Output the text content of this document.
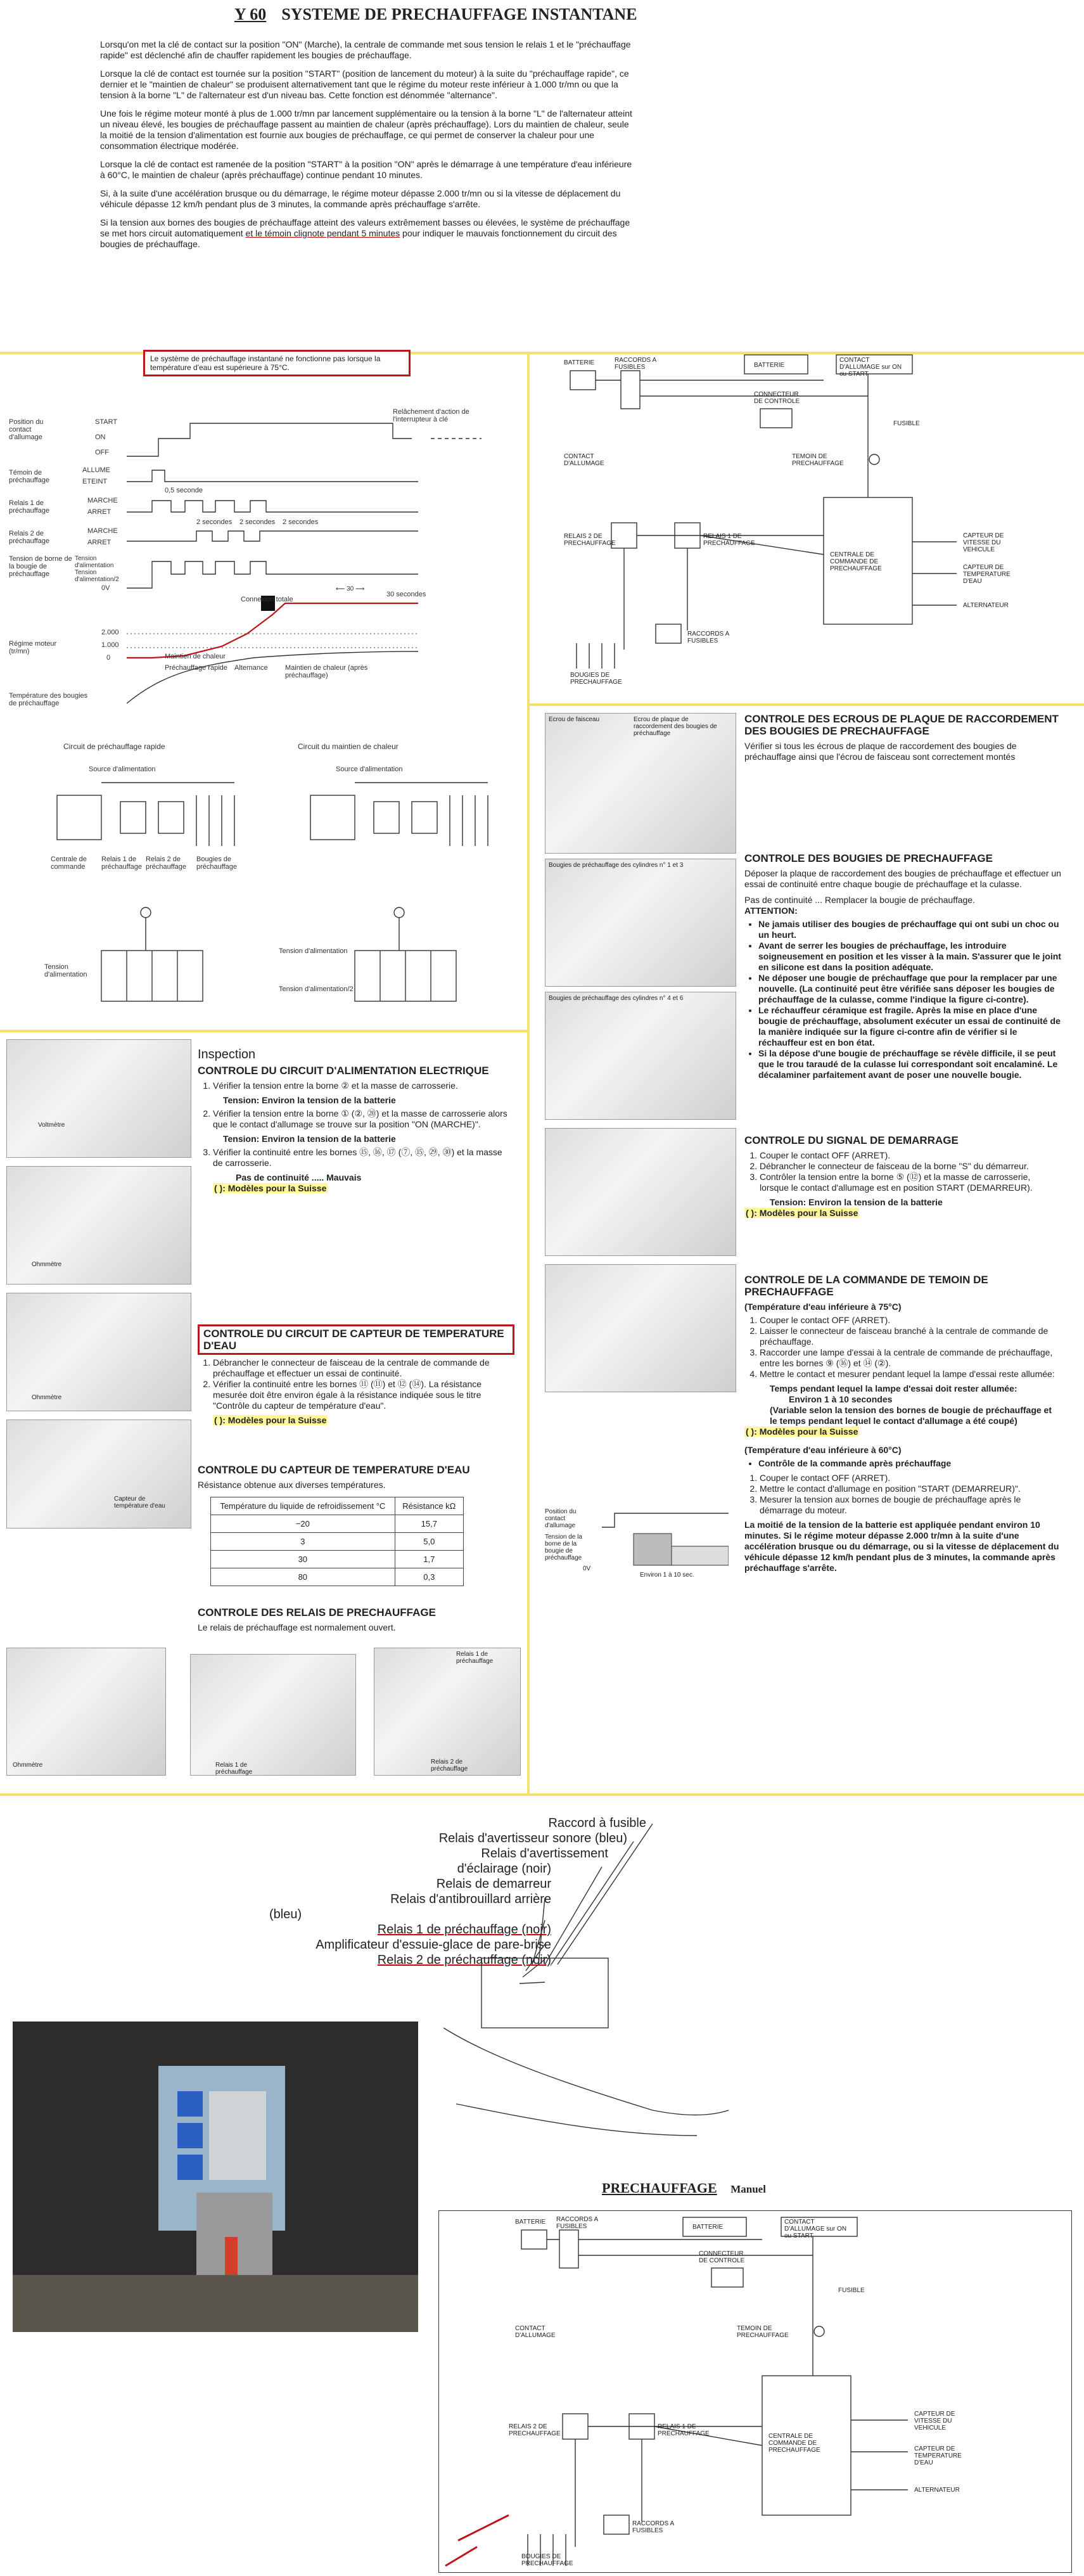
Y 60 SYSTEME DE PRECHAUFFAGE INSTANTANE

Lorsqu'on met la clé de contact sur la position "ON" (Marche), la centrale de commande met sous tension le relais 1 et le "préchauffage rapide" est déclenché afin de chauffer rapidement les bougies de préchauffage.

Lorsque la clé de contact est tournée sur la position "START" (position de lancement du moteur) à la suite du "préchauffage rapide", ce dernier et le "maintien de chaleur" se produisent alternativement tant que le régime du moteur reste inférieur à 1.000 tr/mn ou que la tension à la borne "L" de l'alternateur est d'un niveau bas. Cette fonction est dénommée "alternance".

Une fois le régime moteur monté à plus de 1.000 tr/mn par lancement supplémentaire ou la tension à la borne "L" de l'alternateur atteint un niveau élevé, les bougies de préchauffage passent au maintien de chaleur (après préchauffage). Lors du maintien de chaleur, seule la moitié de la tension d'alimentation est fournie aux bougies de préchauffage, ce qui permet de conserver la chaleur pour une consommation électrique modérée.

Lorsque la clé de contact est ramenée de la position "START" à la position "ON" après le démarrage à une température d'eau inférieure à 60°C, le maintien de chaleur (après préchauffage) continue pendant 10 minutes.

Si, à la suite d'une accélération brusque ou du démarrage, le régime moteur dépasse 2.000 tr/mn ou si la vitesse de déplacement du véhicule dépasse 12 km/h pendant plus de 3 minutes, la commande après préchauffage s'arrête.

Si la tension aux bornes des bougies de préchauffage atteint des valeurs extrêmement basses ou élevées, le système de préchauffage se met hors circuit automatiquement et le témoin clignote pendant 5 minutes pour indiquer le mauvais fonctionnement du circuit des bougies de préchauffage.

Le système de préchauffage instantané ne fonctionne pas lorsque la température d'eau est supérieure à 75°C.
Position du contact d'allumage
Témoin de préchauffage
Relais 1 de préchauffage
Relais 2 de préchauffage
Tension de borne de la bougie de préchauffage
Régime moteur (tr/mn)
Température des bougies de préchauffage
START
ON
OFF
ALLUME
ETEINT
MARCHE
ARRET
MARCHE
ARRET
Tension d'alimentation
Tension d'alimentation/2
0V
2.000
1.000
0
⟵ 30 ⟶
Relâchement d'action de l'interrupteur à clé
0,5 seconde
2 secondes 2 secondes 2 secondes
Connexion totale
30 secondes
Maintien de chaleur
Préchauffage rapide Alternance Maintien de chaleur (après préchauffage)
Circuit de préchauffage rapide	Circuit du maintien de chaleur
Source d'alimentation	Source d'alimentation
Centrale de commande
Relais 1 de préchauffage
Relais 2 de préchauffage
Bougies de préchauffage
Tension d'alimentation
Tension d'alimentation
Tension d'alimentation/2
BATTERIE	RACCORDS A FUSIBLES	BATTERIE
CONTACT D'ALLUMAGE sur ON ou START
CONNECTEUR DE CONTROLE
FUSIBLE
TEMOIN DE PRECHAUFFAGE
CONTACT D'ALLUMAGE
RELAIS 2 DE PRECHAUFFAGE
RELAIS 1 DE PRECHAUFFAGE
CENTRALE DE COMMANDE DE PRECHAUFFAGE
CAPTEUR DE VITESSE DU VEHICULE
CAPTEUR DE TEMPERATURE D'EAU
RACCORDS A FUSIBLES
ALTERNATEUR
BOUGIES DE PRECHAUFFAGE
Ecrou de faisceau	Ecrou de plaque de raccordement des bougies de préchauffage
Bougies de préchauffage des cylindres n° 1 et 3
Bougies de préchauffage des cylindres n° 4 et 6
CONTROLE DES ECROUS DE PLAQUE DE RACCORDEMENT DES BOUGIES DE PRECHAUFFAGE

Vérifier si tous les écrous de plaque de raccordement des bougies de préchauffage ainsi que l'écrou de faisceau sont correctement montés

CONTROLE DES BOUGIES DE PRECHAUFFAGE

Déposer la plaque de raccordement des bougies de préchauffage et effectuer un essai de continuité entre chaque bougie de préchauffage et la culasse.

Pas de continuité ... Remplacer la bougie de préchauffage.

ATTENTION:

• Ne jamais utiliser des bougies de préchauffage qui ont subi un choc ou un heurt.
• Avant de serrer les bougies de préchauffage, les introduire soigneusement en position et les visser à la main. S'assurer que le joint en silicone est dans la position adéquate.
• Ne déposer une bougie de préchauffage que pour la remplacer par une nouvelle. (La continuité peut être vérifiée sans déposer les bougies de préchauffage de la culasse, comme l'indique la figure ci-contre).
• Le réchauffeur céramique est fragile. Après la mise en place d'une bougie de préchauffage, absolument exécuter un essai de continuité de la manière indiquée sur la figure ci-contre afin de vérifier si le réchauffeur est en bon état.
• Si la dépose d'une bougie de préchauffage se révèle difficile, il se peut que le trou taraudé de la culasse lui correspondant soit encalaminé. Le décalaminer parfaitement avant de poser une nouvelle bougie.
CONTROLE DU SIGNAL DE DEMARRAGE
1. Couper le contact OFF (ARRET).
2. Débrancher le connecteur de faisceau de la borne "S" du démarreur.
3. Contrôler la tension entre la borne ⑤ (⑫) et la masse de carrosserie, lorsque le contact d'allumage est en position START (DEMARREUR).

Tension: Environ la tension de la batterie

( ): Modèles pour la Suisse

CONTROLE DE LA COMMANDE DE TEMOIN DE PRECHAUFFAGE

(Température d'eau inférieure à 75°C)

1. Couper le contact OFF (ARRET).
2. Laisser le connecteur de faisceau branché à la centrale de commande de préchauffage.
3. Raccorder une lampe d'essai à la centrale de commande de préchauffage, entre les bornes ⑨ (⑯) et ⑭ (②).
4. Mettre le contact et mesurer pendant lequel la lampe d'essai reste allumée:

Temps pendant lequel la lampe d'essai doit rester allumée:

Environ 1 à 10 secondes

(Variable selon la tension des bornes de bougie de préchauffage et le temps pendant lequel le contact d'allumage a été coupé)

( ): Modèles pour la Suisse

(Température d'eau inférieure à 60°C)

• Contrôle de la commande après préchauffage
1. Couper le contact OFF (ARRET).
2. Mettre le contact d'allumage en position "START (DEMARREUR)".
3. Mesurer la tension aux bornes de bougie de préchauffage après le démarrage du moteur.

La moitié de la tension de la batterie est appliquée pendant environ 10 minutes. Si le régime moteur dépasse 2.000 tr/mn à la suite d'une accélération brusque ou du démarrage, ou si la vitesse de déplacement du véhicule dépasse 12 km/h pendant plus de 3 minutes, la commande après préchauffage s'arrête.

Position du contact d'allumage
Tension de la borne de la bougie de préchauffage
0V
Environ 1 à 10 sec.
Voltmètre
Ohmmètre
Ohmmètre
Capteur de température d'eau
Inspection
CONTROLE DU CIRCUIT D'ALIMENTATION ELECTRIQUE
1. Vérifier la tension entre la borne ② et la masse de carrosserie.

Tension: Environ la tension de la batterie

2. Vérifier la tension entre la borne ① (②, ⑳) et la masse de carrosserie alors que le contact d'allumage se trouve sur la position "ON (MARCHE)".

Tension: Environ la tension de la batterie

3. Vérifier la continuité entre les bornes ⑮, ⑯, ⑰ (⑦, ⑮, ㉙, ㉚) et la masse de carrosserie.

Pas de continuité ..... Mauvais

( ): Modèles pour la Suisse

CONTROLE DU CIRCUIT DE CAPTEUR DE TEMPERATURE D'EAU
1. Débrancher le connecteur de faisceau de la centrale de commande de préchauffage et effectuer un essai de continuité.
2. Vérifier la continuité entre les bornes ⑪ (⑪) et ⑫ (⑭). La résistance mesurée doit être environ égale à la résistance indiquée sous le titre "Contrôle du capteur de température d'eau".

( ): Modèles pour la Suisse

CONTROLE DU CAPTEUR DE TEMPERATURE D'EAU

Résistance obtenue aux diverses températures.

Température du liquide de refroidissement °C	Résistance kΩ
−20	15,7
3	5,0
30	1,7
80	0,3
CONTROLE DES RELAIS DE PRECHAUFFAGE

Le relais de préchauffage est normalement ouvert.

Ohmmètre	Relais 1 de préchauffage
Relais 2 de préchauffage
Relais 1 de préchauffage
Raccord à fusible
Relais d'avertisseur sonore (bleu)
Relais d'avertissement
d'éclairage (noir)
Relais de demarreur
Relais d'antibrouillard arrière
(bleu)
Relais 1 de préchauffage (noir)
Amplificateur d'essuie-glace de pare-brise
Relais 2 de préchauffage (noir)
PRECHAUFFAGE Manuel
BATTERIE RACCORDS A FUSIBLES	BATTERIE
CONTACT D'ALLUMAGE sur ON ou START
CONNECTEUR DE CONTROLE
FUSIBLE
TEMOIN DE PRECHAUFFAGE
CONTACT D'ALLUMAGE
RELAIS 2 DE PRECHAUFFAGE
RELAIS 1 DE PRECHAUFFAGE	CENTRALE DE COMMANDE DE PRECHAUFFAGE
CAPTEUR DE VITESSE DU VEHICULE
CAPTEUR DE TEMPERATURE D'EAU
RACCORDS A FUSIBLES
ALTERNATEUR
BOUGIES DE PRECHAUFFAGE
